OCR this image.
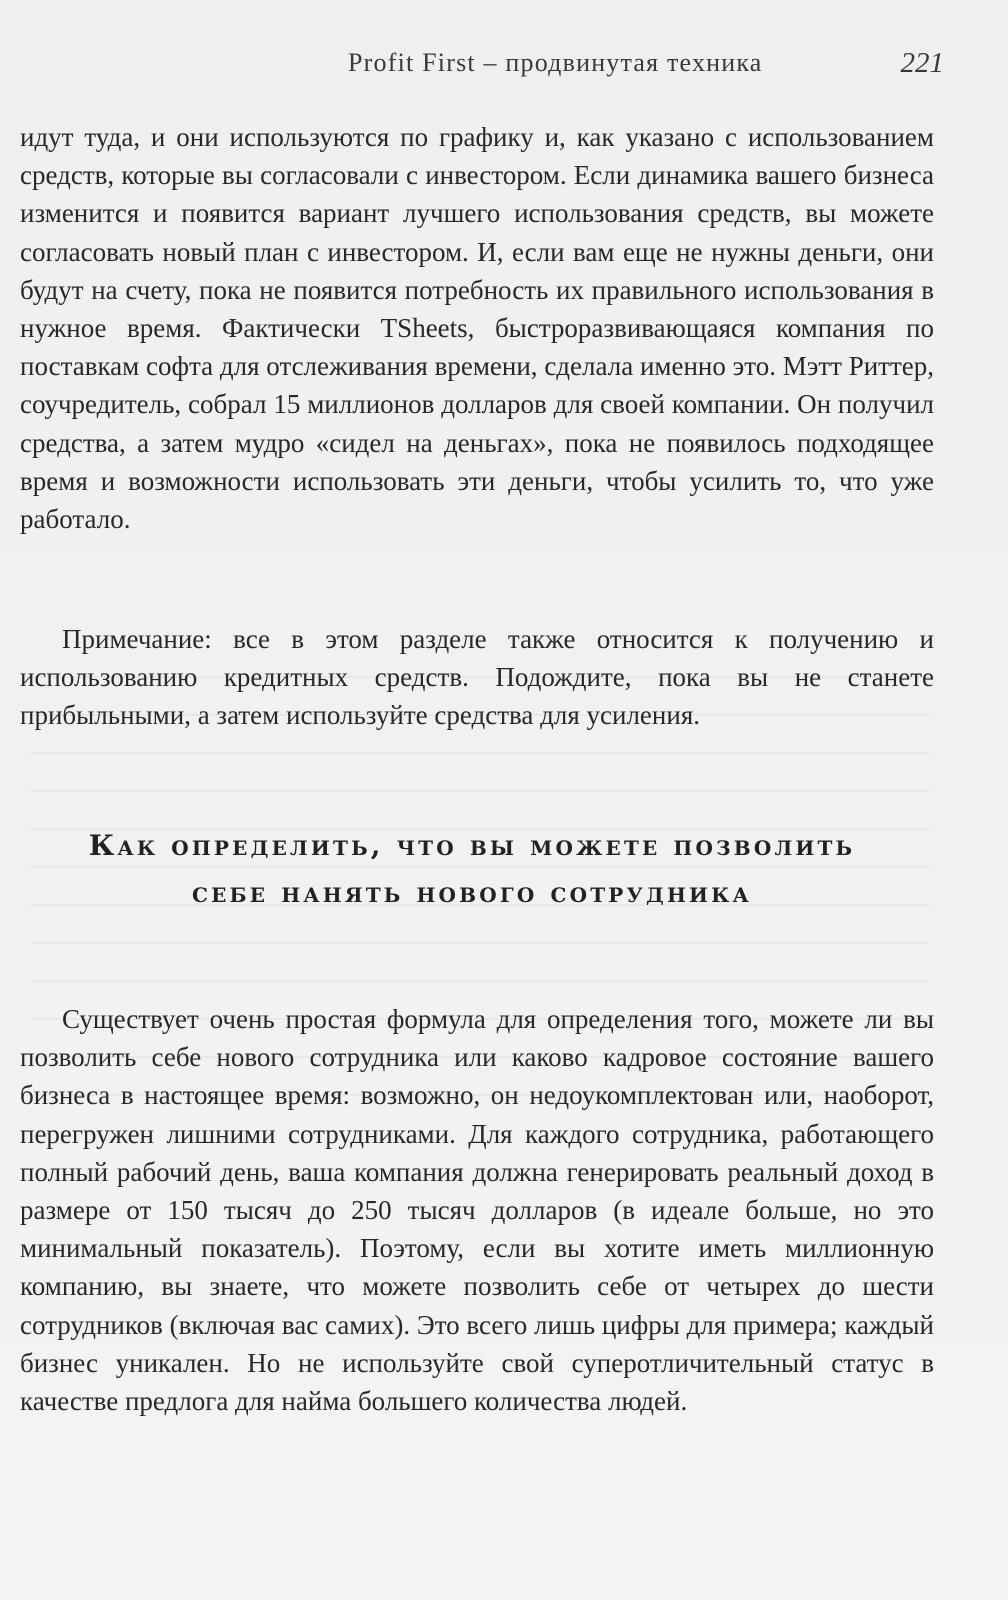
Profit First – продвинутая техника	221

идут туда, и они используются по графику и, как указано с использованием средств, которые вы согласовали с инвестором. Если динамика вашего бизнеса изменится и появится вариант лучшего использования средств, вы можете согласовать новый план с инвестором. И, если вам еще не нужны деньги, они будут на счету, пока не появится потребность их правильного использования в нужное время. Фактически TSheets, быстроразвивающаяся компания по поставкам софта для отслеживания времени, сделала именно это. Мэтт Риттер, соучредитель, собрал 15 миллионов долларов для своей компании. Он получил средства, а затем мудро «сидел на деньгах», пока не появилось подходящее время и возможности использовать эти деньги, чтобы усилить то, что уже работало.

Примечание: все в этом разделе также относится к получению и использованию кредитных средств. Подождите, пока вы не станете прибыльными, а затем используйте средства для усиления.

Как определить, что вы можете позволить себе нанять нового сотрудника

Существует очень простая формула для определения того, можете ли вы позволить себе нового сотрудника или каково кадровое состояние вашего бизнеса в настоящее время: возможно, он недоукомплектован или, наоборот, перегружен лишними сотрудниками. Для каждого сотрудника, работающего полный рабочий день, ваша компания должна генерировать реальный доход в размере от 150 тысяч до 250 тысяч долларов (в идеале больше, но это минимальный показатель). Поэтому, если вы хотите иметь миллионную компанию, вы знаете, что можете позволить себе от четырех до шести сотрудников (включая вас самих). Это всего лишь цифры для примера; каждый бизнес уникален. Но не используйте свой суперотличительный статус в качестве предлога для найма большего количества людей.
